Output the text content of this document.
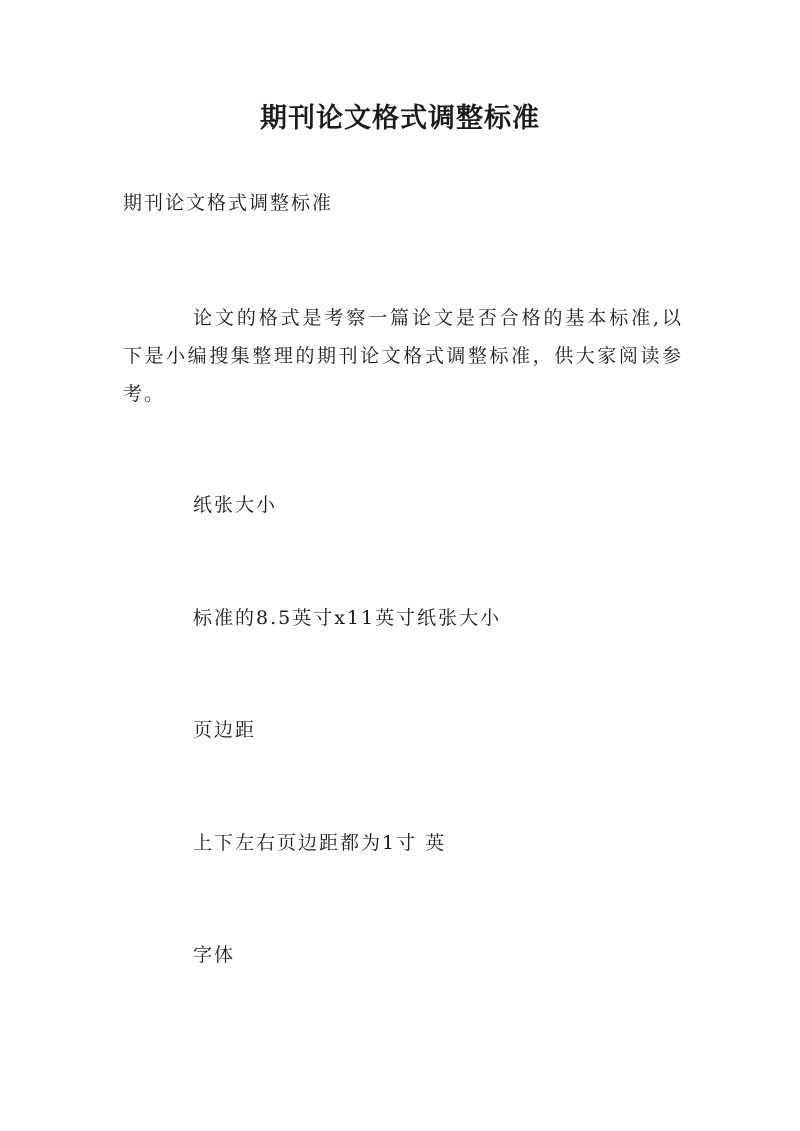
期刊论文格式调整标准

期刊论文格式调整标准

论文的格式是考察一篇论文是否合格的基本标准,以下是小编搜集整理的期刊论文格式调整标准，供大家阅读参考。

纸张大小

标准的8.5英寸x11英寸纸张大小

页边距

上下左右页边距都为1寸 英

字体
